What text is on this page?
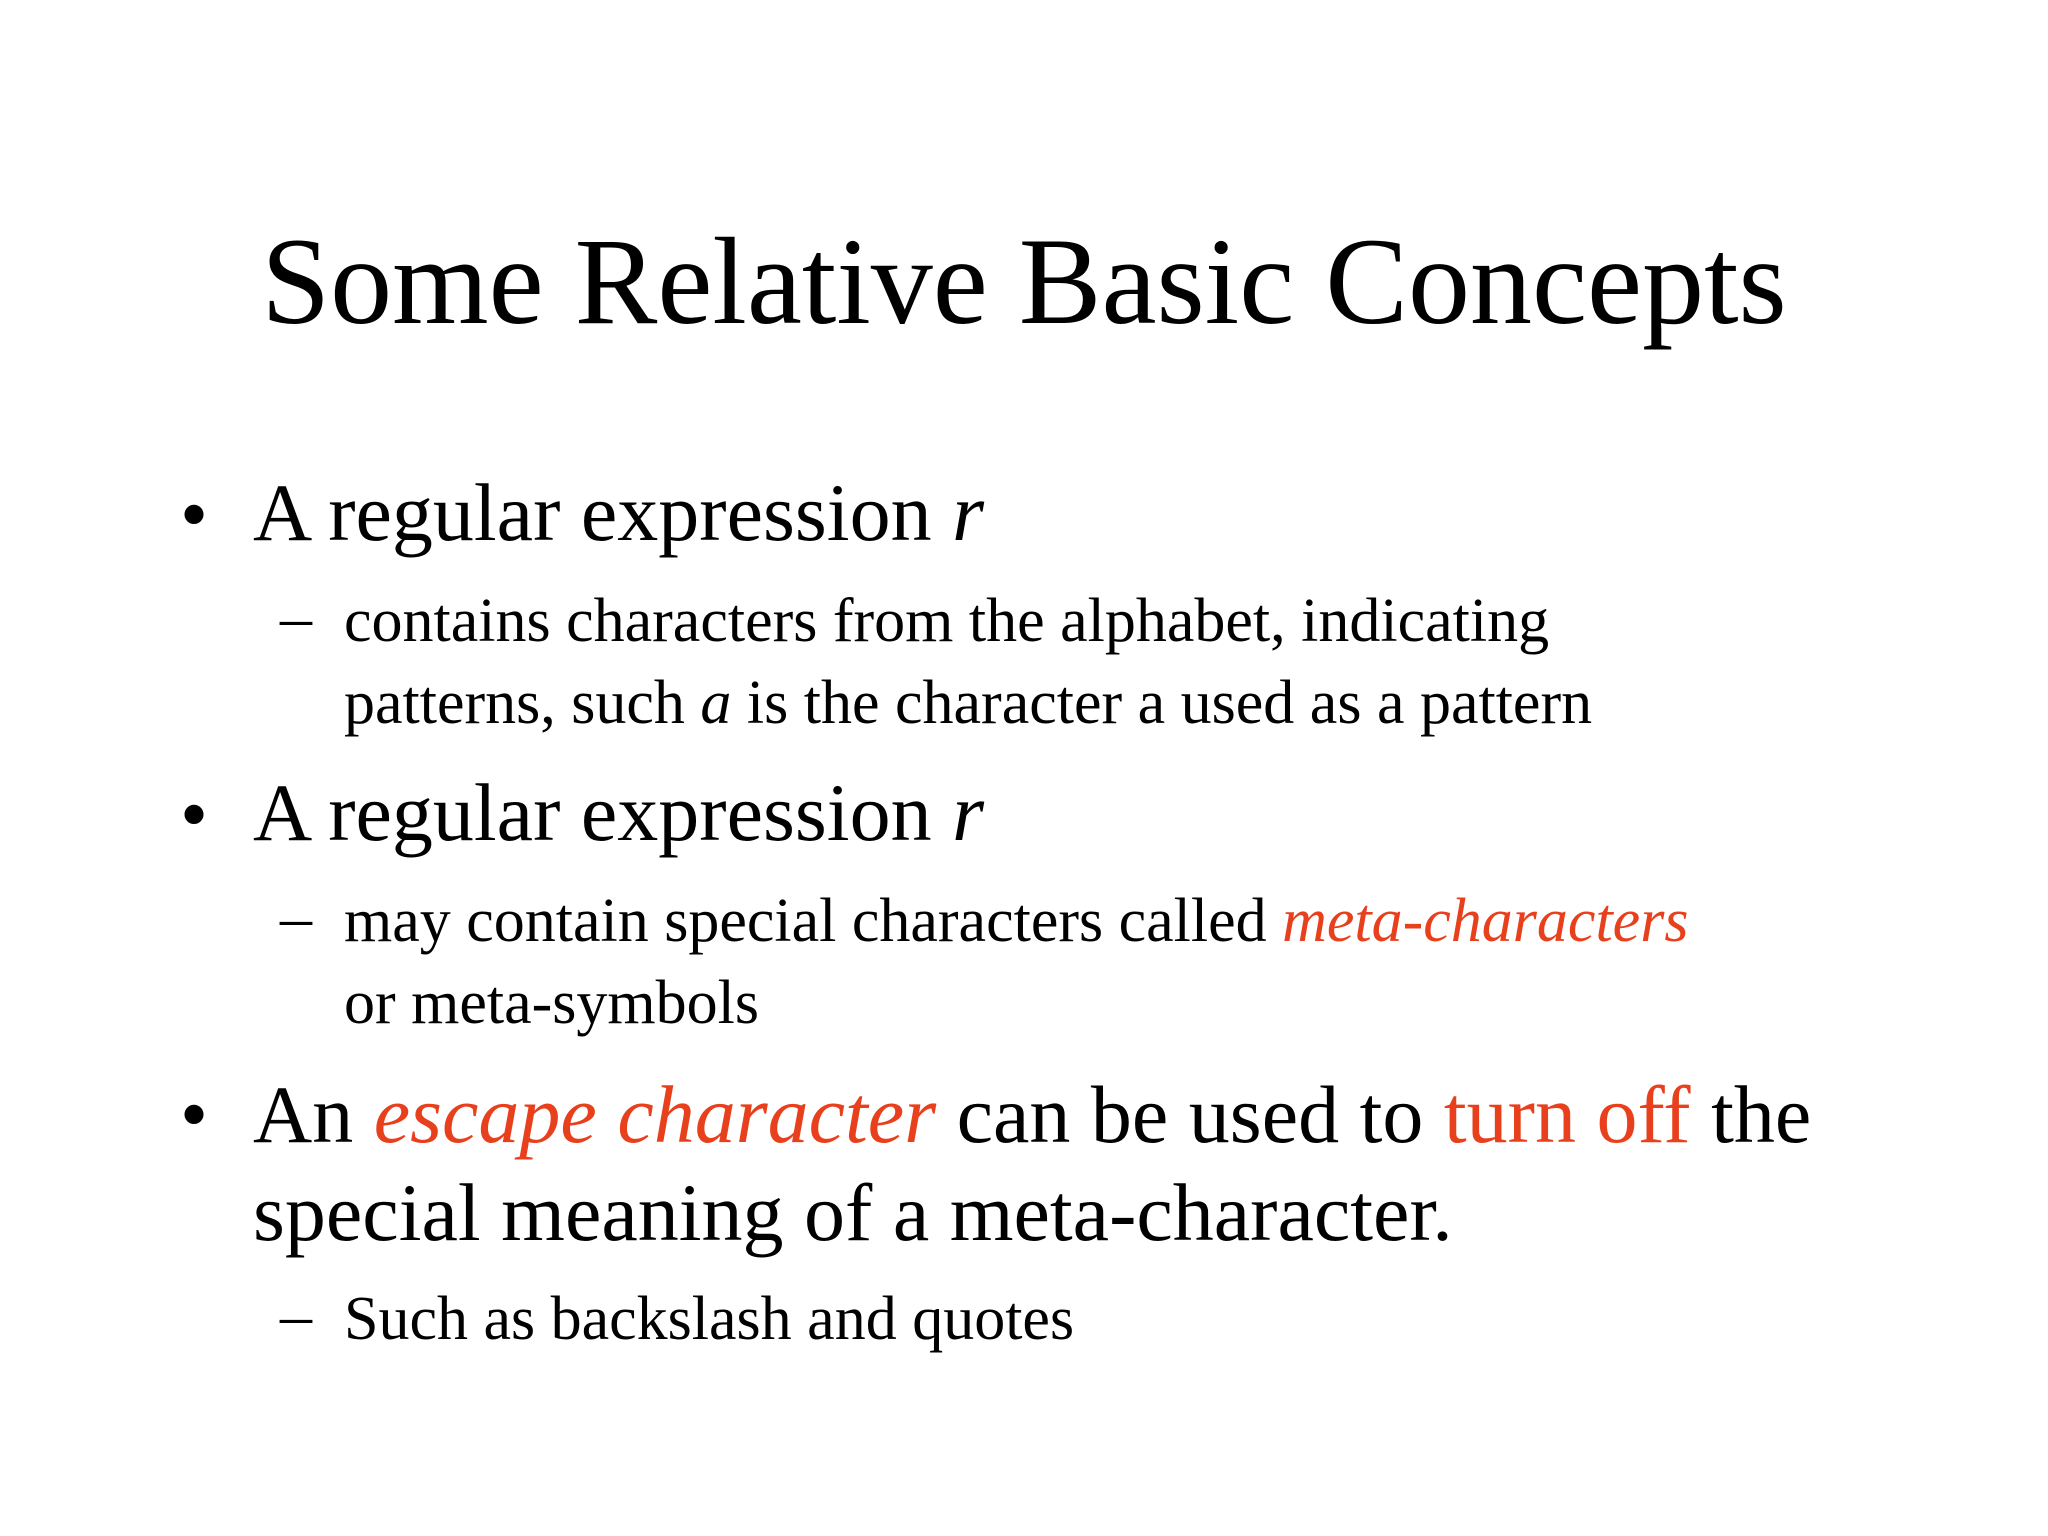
Some Relative Basic Concepts
• A regular expression r
– contains characters from the alphabet, indicating
patterns, such a is the character a used as a pattern
• A regular expression r
– may contain special characters called meta-characters
or meta-symbols
• An escape character can be used to turn off the
special meaning of a meta-character.
– Such as backslash and quotes
